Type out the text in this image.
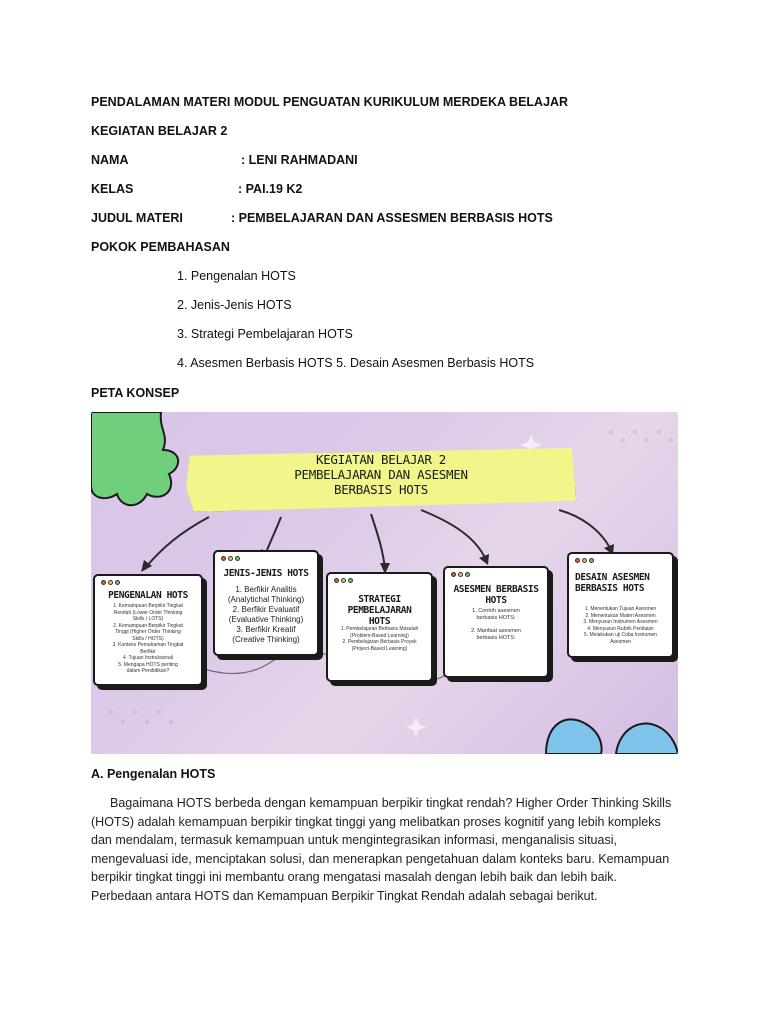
PENDALAMAN MATERI MODUL PENGUATAN KURIKULUM MERDEKA BELAJAR
KEGIATAN BELAJAR 2
NAMA	: LENI RAHMADANI
KELAS	: PAI.19 K2
JUDUL MATERI	: PEMBELAJARAN DAN ASSESMEN BERBASIS HOTS
POKOK PEMBAHASAN
1. Pengenalan HOTS
2. Jenis-Jenis HOTS
3. Strategi Pembelajaran HOTS
4. Asesmen Berbasis HOTS 5. Desain Asesmen Berbasis HOTS
PETA KONSEP
KEGIATAN BELAJAR 2
PEMBELAJARAN DAN ASESMEN
BERBASIS HOTS
PENGENALAN HOTS
1. Kemampuan Berpikir Tingkat
Rendah (Lower Order Thinking
Skills / LOTS)
2. Kemampuan Berpikir Tingkat
Tinggi (Higher Order Thinking
Skills / HOTS)
3. Konteks Pemahaman Tingkat
Berfikir
4. Tujuan Instruksional
5. Mengapa HOTS penting
dalam Pendidikan?
JENIS-JENIS HOTS
1. Berfikir Analitis
(Analytichal Thinking)
2. Berfikir Evaluatif
(Evaluative Thinking)
3. Berfikir Kreatif
(Creative Thinking)
STRATEGI PEMBELAJARAN
HOTS
1. Pembelajaran Berbasis Masalah
(Problem-Based Learning)
2. Pembelajaran Berbasis Proyek
(Project-Based Learning)
ASESMEN BERBASIS HOTS
1. Contoh asesmen
berbasis HOTS:
2. Manfaat asesmen
berbasis HOTS:
DESAIN ASESMEN
BERBASIS HOTS
1. Menentukan Tujuan Asesmen
2. Menentukan Materi Asesmen
3. Menyusun Instrumen Asesmen
4. Menyusun Rubrik Penilaian
5. Melakukan uji Coba Instrumen
Asesmen
A. Pengenalan HOTS

Bagaimana HOTS berbeda dengan kemampuan berpikir tingkat rendah? Higher Order Thinking Skills (HOTS) adalah kemampuan berpikir tingkat tinggi yang melibatkan proses kognitif yang lebih kompleks dan mendalam, termasuk kemampuan untuk mengintegrasikan informasi, menganalisis situasi, mengevaluasi ide, menciptakan solusi, dan menerapkan pengetahuan dalam konteks baru. Kemampuan berpikir tingkat tinggi ini membantu orang mengatasi masalah dengan lebih baik dan lebih baik. Perbedaan antara HOTS dan Kemampuan Berpikir Tingkat Rendah adalah sebagai berikut.
